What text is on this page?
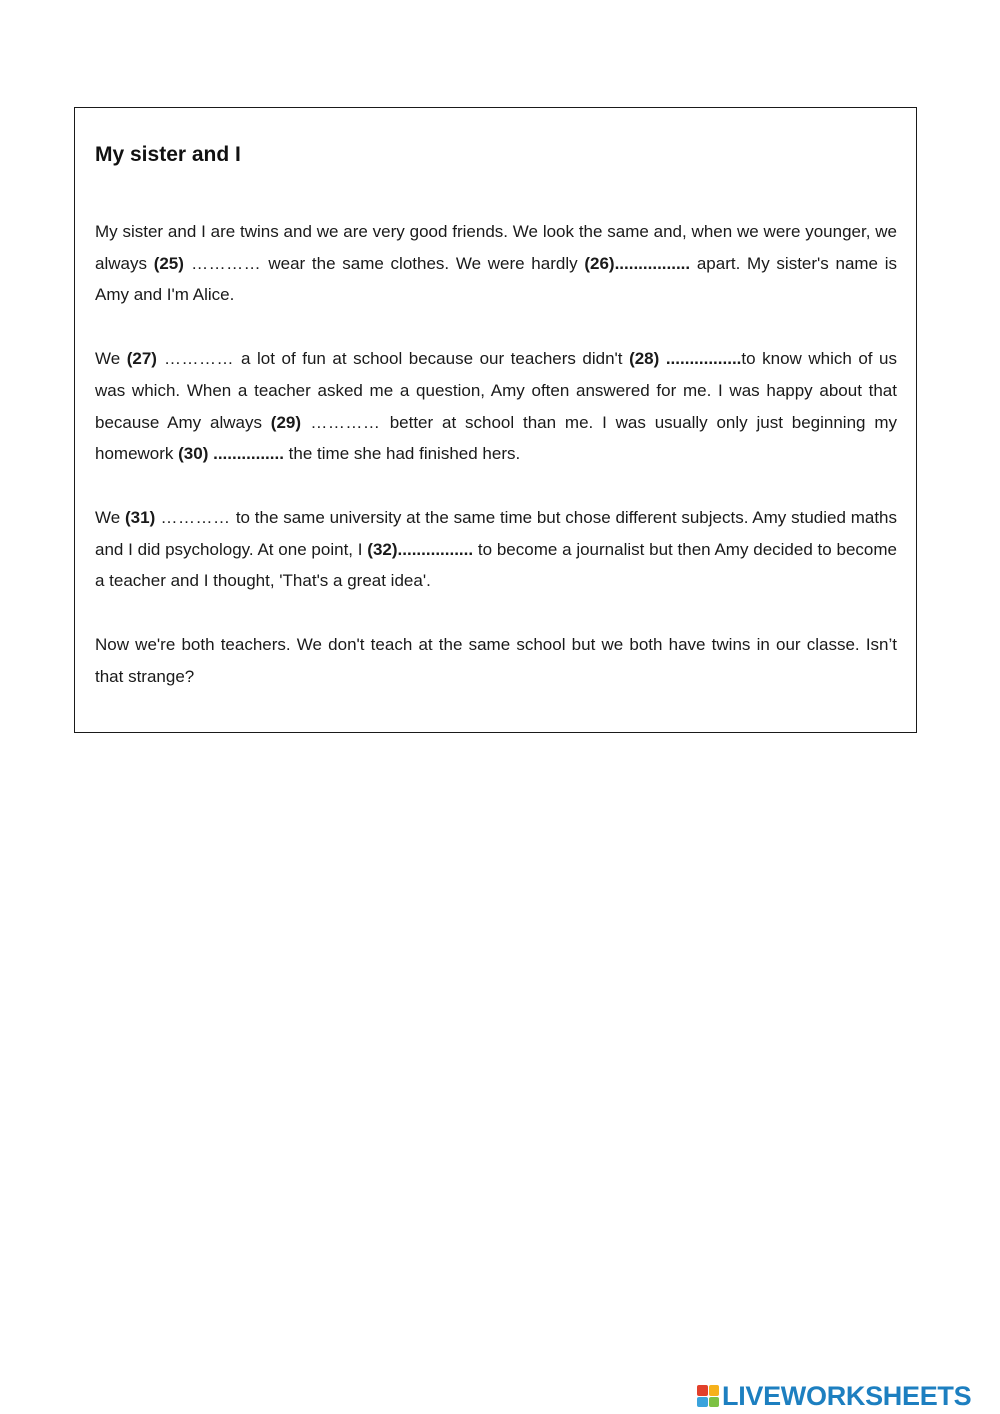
My sister and I

My sister and I are twins and we are very good friends. We look the same and, when we were younger, we always (25) ………… wear the same clothes. We were hardly (26)................ apart. My sister's name is Amy and I'm Alice.

We (27) ………… a lot of fun at school because our teachers didn't (28) ................to know which of us was which. When a teacher asked me a question, Amy often answered for me. I was happy about that because Amy always (29) ………… better at school than me. I was usually only just beginning my homework (30) ............... the time she had finished hers.

We (31) ………… to the same university at the same time but chose different subjects. Amy studied maths and I did psychology. At one point, I (32)................ to become a journalist but then Amy decided to become a teacher and I thought, 'That's a great idea'.

Now we're both teachers. We don't teach at the same school but we both have twins in our classe. Isn’t that strange?

LIVEWORKSHEETS
